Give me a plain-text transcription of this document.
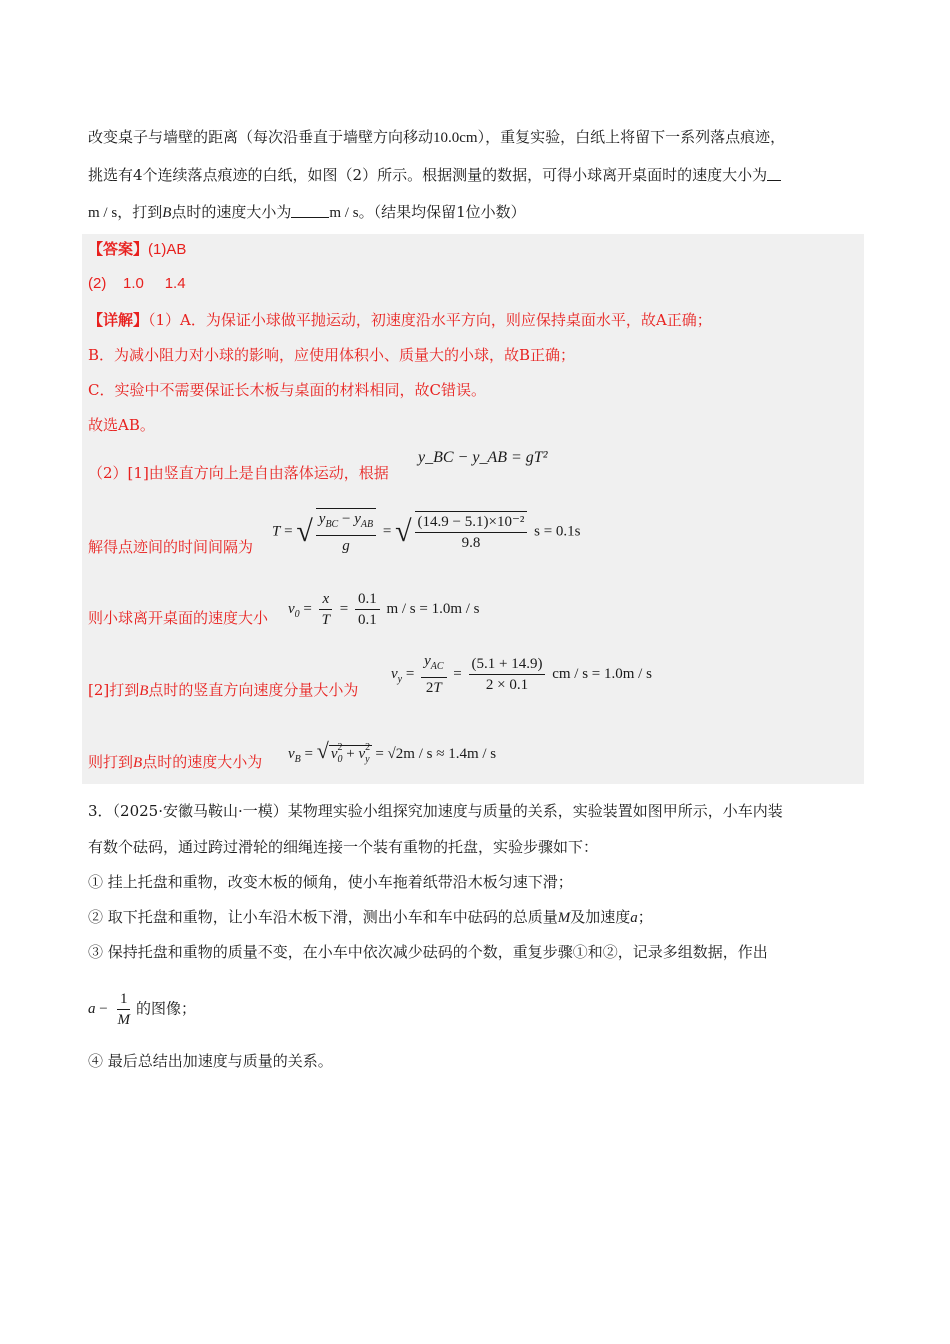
改变桌子与墙壁的距离（每次沿垂直于墙壁方向移动10.0cm），重复实验，白纸上将留下一系列落点痕迹，
挑选有4个连续落点痕迹的白纸，如图（2）所示。根据测量的数据，可得小球离开桌面时的速度大小为
m / s，打到B点时的速度大小为	m / s。（结果均保留1位小数）
【答案】(1)AB
(2) 1.0 1.4
【详解】（1）A．为保证小球做平抛运动，初速度沿水平方向，则应保持桌面水平，故A正确；
B．为减小阻力对小球的影响，应使用体积小、质量大的小球，故B正确；
C．实验中不需要保证长木板与桌面的材料相同，故C错误。
故选AB。
（2）[1]由竖直方向上是自由落体运动，根据
y_BC − y_AB = gT²
解得点迹间的时间间隔为
T = √ $\frac{y_{BC} - y_{AB}}{g}$ = √ $\frac{\text{(14.9 − 5.1)×10⁻²}}{9.8}$ s = 0.1s
则小球离开桌面的速度大小
$v_0 = \frac{x}{T} = \frac{0.1}{0.1}$ m / s = 1.0m / s
[2]打到B点时的竖直方向速度分量大小为
$v_y = \frac{y_{AC}}{2T} = \frac{(5.1 + 14.9)}{2 \times 0.1}$ cm / s = 1.0m / s
则打到B点时的速度大小为 $v_B$ = √ $v^2_0 + v^2_y = √2m / s \approx 1.4m / s$
3．（2025·安徽马鞍山·一模）某物理实验小组探究加速度与质量的关系，实验装置如图甲所示，小车内装
有数个砝码，通过跨过滑轮的细绳连接一个装有重物的托盘，实验步骤如下：
① 挂上托盘和重物，改变木板的倾角，使小车拖着纸带沿木板匀速下滑；
② 取下托盘和重物，让小车沿木板下滑，测出小车和车中砝码的总质量M及加速度a；
③ 保持托盘和重物的质量不变，在小车中依次减少砝码的个数，重复步骤①和②，记录多组数据，作出
$a - \frac{1}{M}$ 的图像；
④ 最后总结出加速度与质量的关系。
